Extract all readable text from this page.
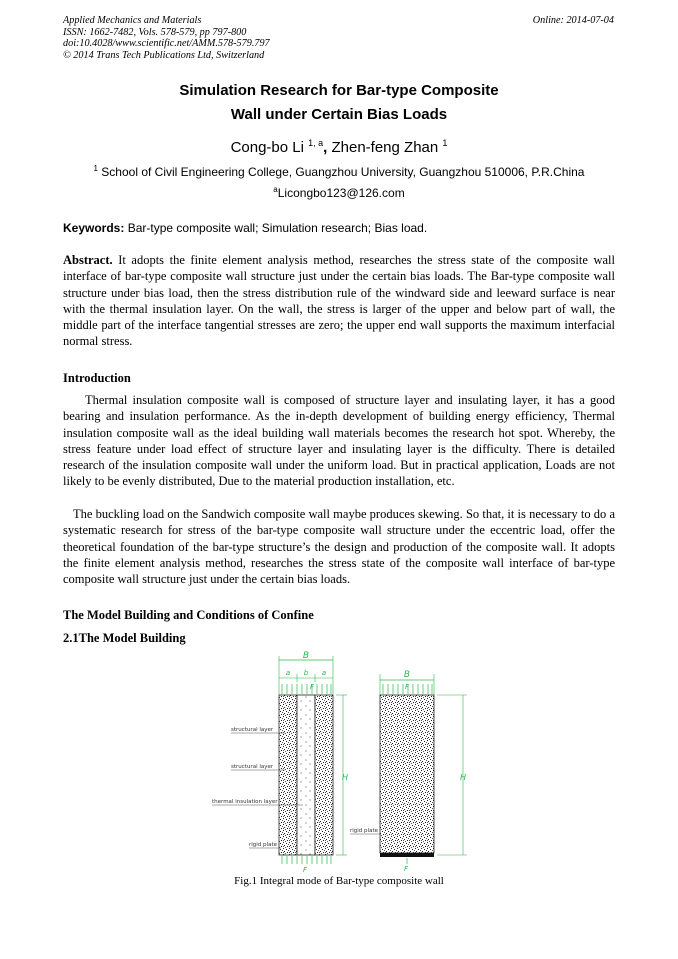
Applied Mechanics and Materials
ISSN: 1662-7482, Vols. 578-579, pp 797-800
doi:10.4028/www.scientific.net/AMM.578-579.797
© 2014 Trans Tech Publications Ltd, Switzerland
Online: 2014-07-04
Simulation Research for Bar-type Composite
Wall under Certain Bias Loads
Cong-bo Li $^{1, a}$, Zhen-feng Zhan $^1$
$^1$ School of Civil Engineering College, Guangzhou University, Guangzhou 510006, P.R.China
$^a$Licongbo123@126.com
Keywords: Bar-type composite wall; Simulation research; Bias load.
Abstract. It adopts the finite element analysis method, researches the stress state of the composite wall interface of bar-type composite wall structure just under the certain bias loads. The Bar-type composite wall structure under bias load, then the stress distribution rule of the windward side and leeward surface is near with the thermal insulation layer. On the wall, the stress is larger of the upper and below part of wall, the middle part of the interface tangential stresses are zero; the upper end wall supports the maximum interfacial normal stress.
Introduction
Thermal insulation composite wall is composed of structure layer and insulating layer, it has a good bearing and insulation performance. As the in-depth development of building energy efficiency, Thermal insulation composite wall as the ideal building wall materials becomes the research hot spot. Whereby, the stress feature under load effect of structure layer and insulating layer is the difficulty. There is detailed research of the insulation composite wall under the uniform load. But in practical application, Loads are not likely to be evenly distributed, Due to the material production installation, etc.
The buckling load on the Sandwich composite wall maybe produces skewing. So that, it is necessary to do a systematic research for stress of the bar-type composite wall structure under the eccentric load, offer the theoretical foundation of the bar-type structure’s the design and production of the composite wall. It adopts the finite element analysis method, researches the stress state of the composite wall interface of bar-type composite wall structure just under the certain bias loads.
The Model Building and Conditions of Confine
2.1The Model Building
B
a b a
F
F
H
structural layer
structural layer
thermal insulation layer
rigid plate
B
F
H
rigid plate
F
Fig.1 Integral mode of Bar-type composite wall
